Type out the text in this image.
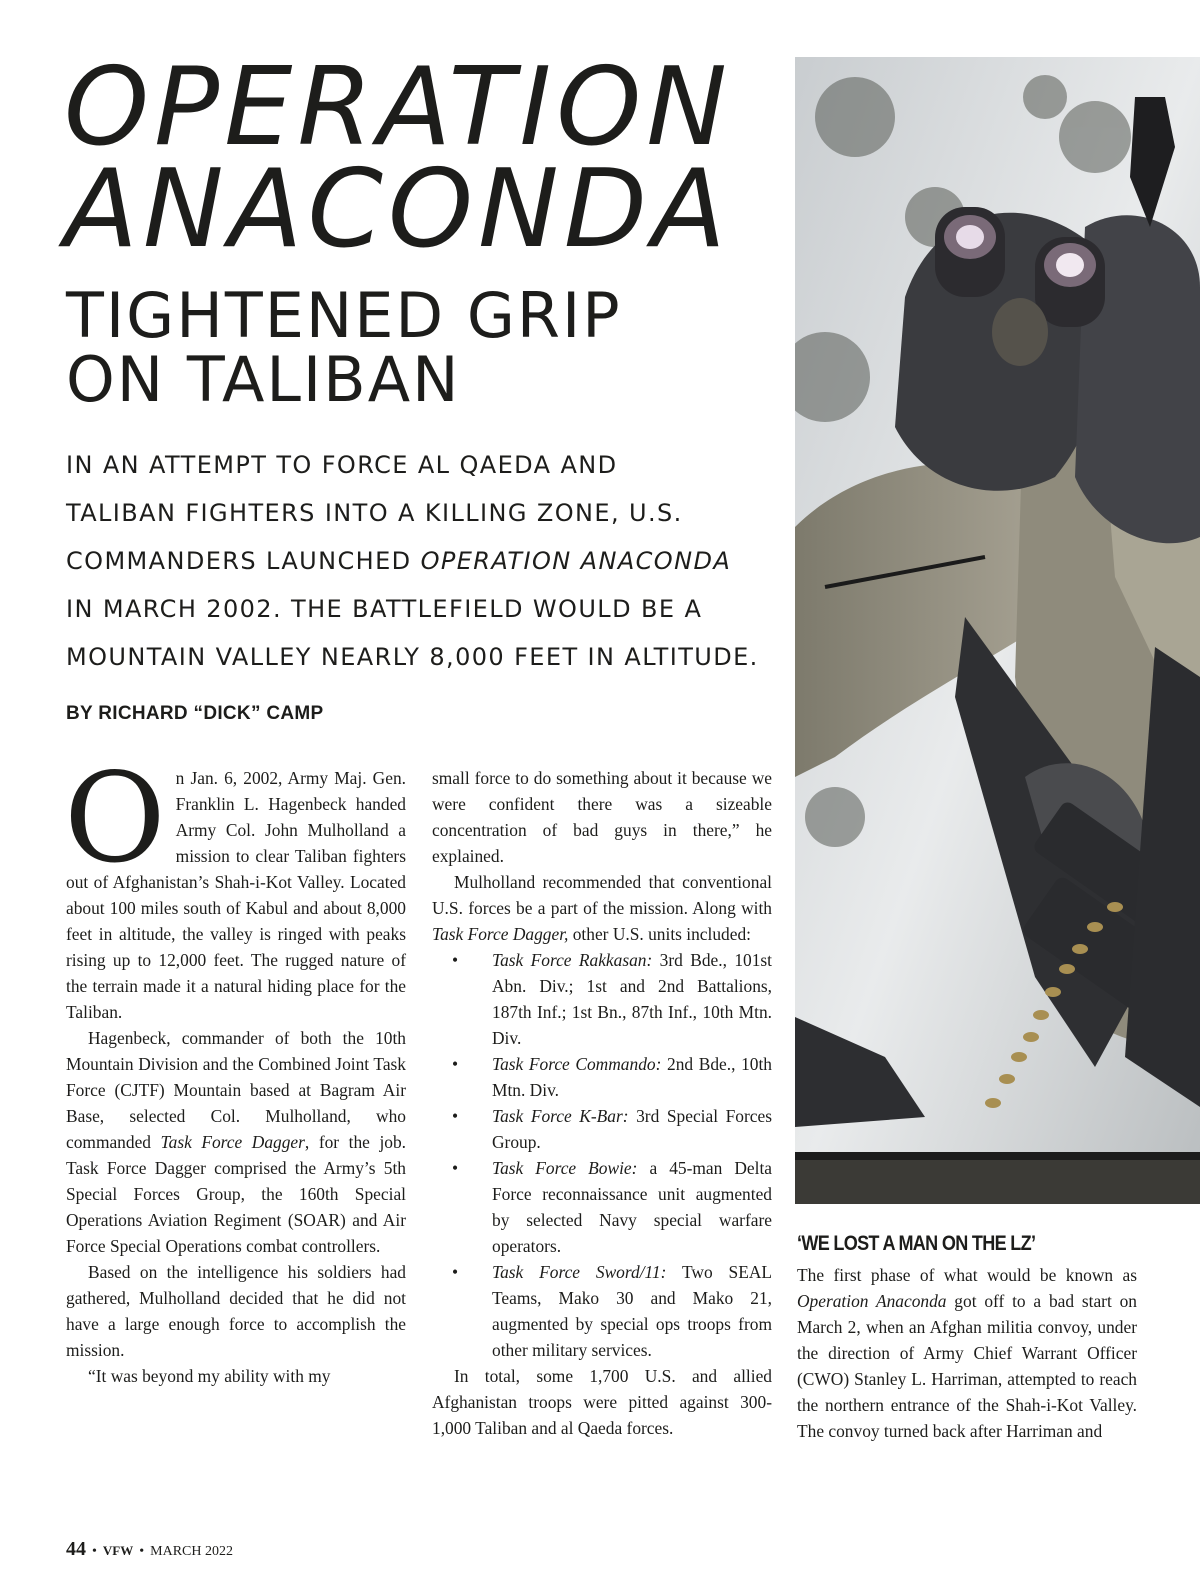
OPERATION
ANACONDA
TIGHTENED GRIP
ON TALIBAN
IN AN ATTEMPT TO FORCE AL QAEDA AND
TALIBAN FIGHTERS INTO A KILLING ZONE, U.S.
COMMANDERS LAUNCHED OPERATION ANACONDA
IN MARCH 2002. THE BATTLEFIELD WOULD BE A
MOUNTAIN VALLEY NEARLY 8,000 FEET IN ALTITUDE.
BY RICHARD “DICK” CAMP

On Jan. 6, 2002, Army Maj. Gen. Franklin L. Hagenbeck handed Army Col. John Mulholland a mission to clear Taliban fighters out of Afghanistan’s Shah-i-Kot Valley. Located about 100 miles south of Kabul and about 8,000 feet in altitude, the valley is ringed with peaks rising up to 12,000 feet. The rugged nature of the terrain made it a natural hiding place for the Taliban.

Hagenbeck, commander of both the 10th Mountain Division and the Combined Joint Task Force (CJTF) Mountain based at Bagram Air Base, selected Col. Mulholland, who commanded Task Force Dagger, for the job. Task Force Dagger comprised the Army’s 5th Special Forces Group, the 160th Special Operations Aviation Regiment (SOAR) and Air Force Special Operations combat controllers.

Based on the intelligence his soldiers had gathered, Mulholland decided that he did not have a large enough force to accomplish the mission.

“It was beyond my ability with my

small force to do something about it because we were confident there was a sizeable concentration of bad guys in there,” he explained.

Mulholland recommended that conventional U.S. forces be a part of the mission. Along with Task Force Dagger, other U.S. units included:

• Task Force Rakkasan: 3rd Bde., 101st Abn. Div.; 1st and 2nd Battalions, 187th Inf.; 1st Bn., 87th Inf., 10th Mtn. Div.
• Task Force Commando: 2nd Bde., 10th Mtn. Div.
• Task Force K-Bar: 3rd Special Forces Group.
• Task Force Bowie: a 45-man Delta Force reconnaissance unit augmented by selected Navy special warfare operators.
• Task Force Sword/11: Two SEAL Teams, Mako 30 and Mako 21, augmented by special ops troops from other military services.

In total, some 1,700 U.S. and allied Afghanistan troops were pitted against 300-1,000 Taliban and al Qaeda forces.

‘WE LOST A MAN ON THE LZ’

The first phase of what would be known as Operation Anaconda got off to a bad start on March 2, when an Afghan militia convoy, under the direction of Army Chief Warrant Officer (CWO) Stanley L. Harriman, attempted to reach the northern entrance of the Shah-i-Kot Valley. The convoy turned back after Harriman and

44 • VFW • MARCH 2022
